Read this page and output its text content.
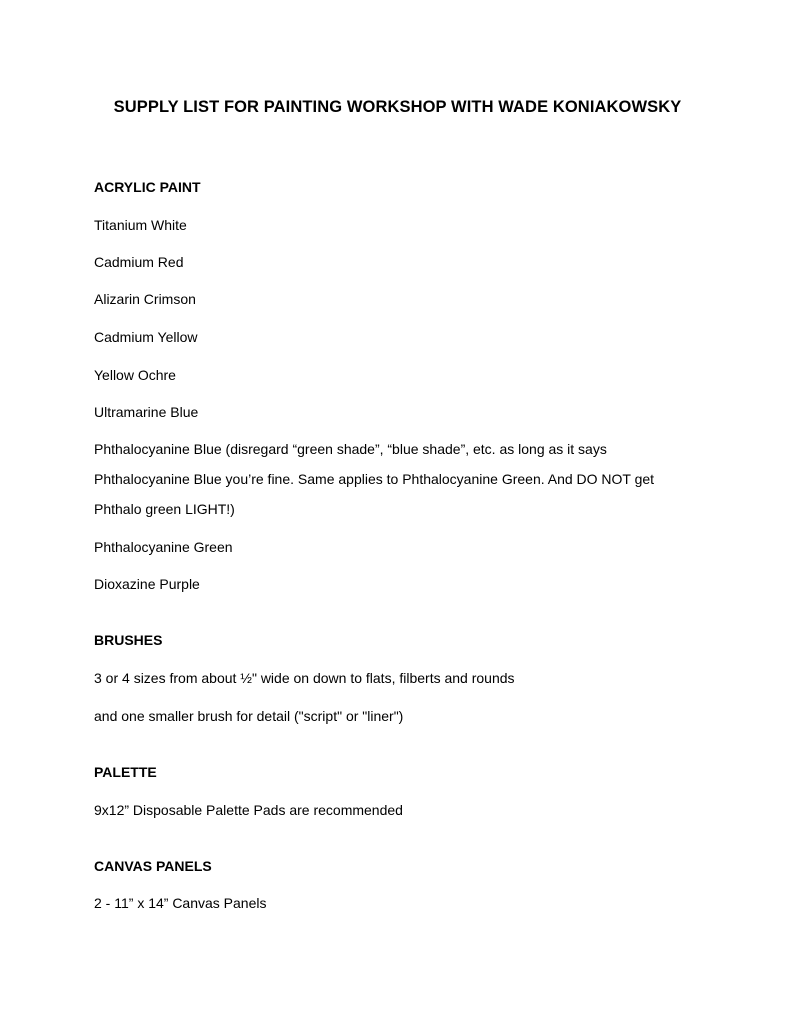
SUPPLY LIST FOR PAINTING WORKSHOP WITH WADE KONIAKOWSKY
ACRYLIC PAINT

Titanium White

Cadmium Red

Alizarin Crimson

Cadmium Yellow

Yellow Ochre

Ultramarine Blue

Phthalocyanine Blue (disregard “green shade”, “blue shade”, etc. as long as it says Phthalocyanine Blue you’re fine. Same applies to Phthalocyanine Green. And DO NOT get Phthalo green LIGHT!)

Phthalocyanine Green

Dioxazine Purple

BRUSHES

3 or 4 sizes from about ½" wide on down to flats, filberts and rounds

and one smaller brush for detail ("script" or "liner")

PALETTE

9x12” Disposable Palette Pads are recommended

CANVAS PANELS

2 - 11” x 14” Canvas Panels
